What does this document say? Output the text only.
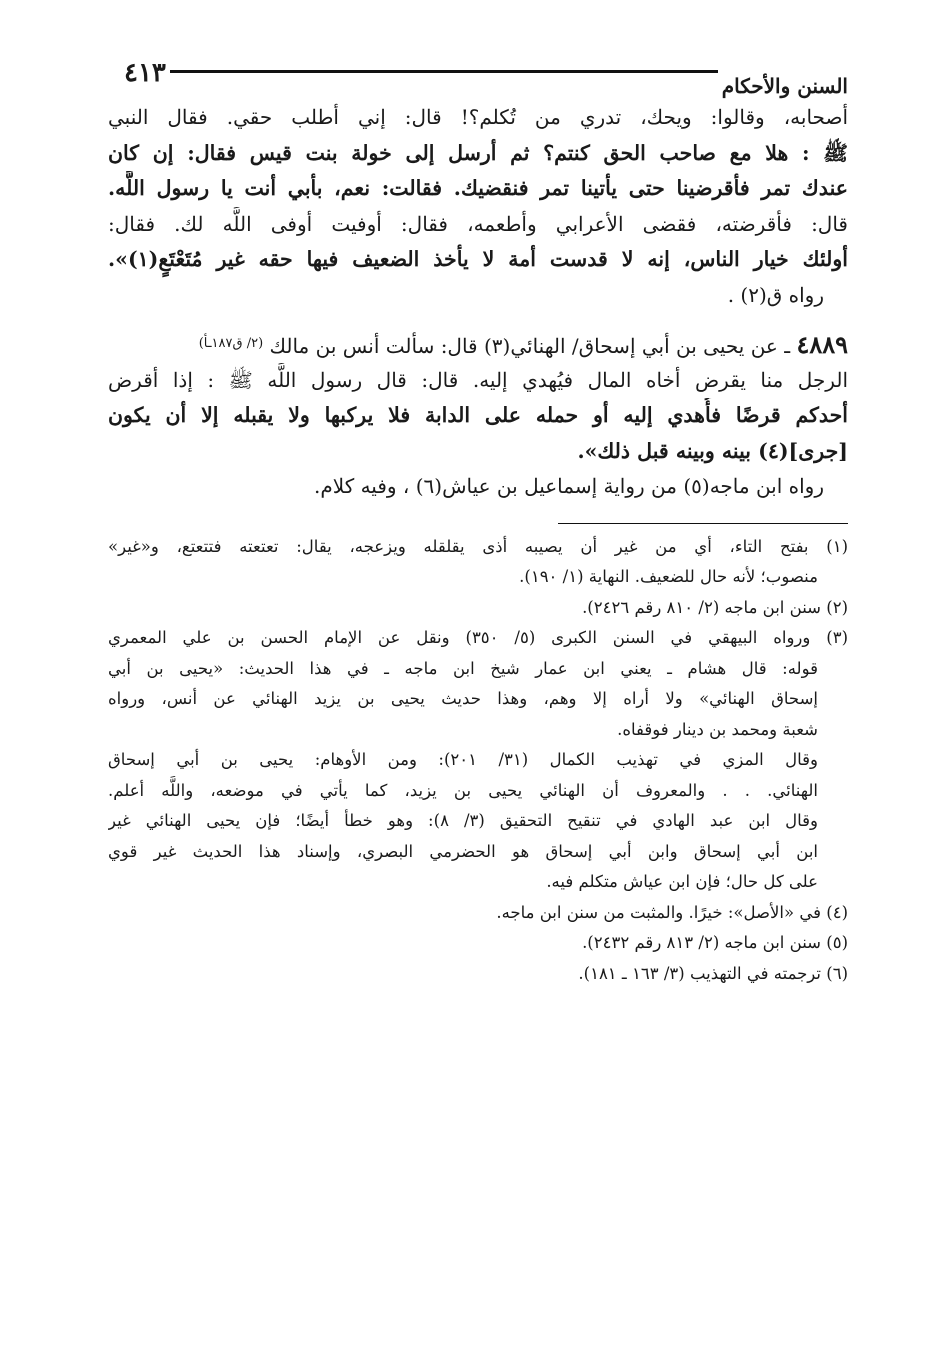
٤١٣	السنن والأحكام
أصحابه، وقالوا: ويحك، تدري من تُكلم؟! قال: إني أطلب حقي. فقال النبي
ﷺ : هلا مع صاحب الحق كنتم؟ ثم أرسل إلى خولة بنت قيس فقال: إن كان
عندك تمر فأقرضينا حتى يأتينا تمر فنقضيك. فقالت: نعم، بأبي أنت يا رسول اللَّه.
قال: فأقرضته، فقضى الأعرابي وأطعمه، فقال: أوفيت أوفى اللَّه لك. فقال:
أولئك خيار الناس، إنه لا قدست أمة لا يأخذ الضعيف فيها حقه غير مُتَعْتَعٍ(١)».
رواه ق(٢) .
٤٨٨٩ ـ عن يحيى بن أبي إسحاق/ الهنائي(٣) قال: سألت أنس بن مالك $^{(٢/ ق١٨٧ـأ)}$
الرجل منا يقرض أخاه المال فيُهدي إليه. قال: قال رسول اللَّه ﷺ : إذا أقرض
أحدكم قرضًا فأُهدي إليه أو حمله على الدابة فلا يركبها ولا يقبله إلا أن يكون
[جرى](٤) بينه وبينه قبل ذلك».
رواه ابن ماجه(٥) من رواية إسماعيل بن عياش(٦) ، وفيه كلام.
(١) بفتح التاء، أي من غير أن يصيبه أذى يقلقله ويزعجه، يقال: تعتعته فتتعتع، و«غير»
منصوب؛ لأنه حال للضعيف. النهاية (١/ ١٩٠).
(٢) سنن ابن ماجه (٢/ ٨١٠ رقم ٢٤٢٦).
(٣) ورواه البيهقي في السنن الكبرى (٥/ ٣٥٠) ونقل عن الإمام الحسن بن علي المعمري
قوله: قال هشام ـ يعني ابن عمار شيخ ابن ماجه ـ في هذا الحديث: «يحيى بن أبي
إسحاق الهنائي» ولا أراه إلا وهم، وهذا حديث يحيى بن يزيد الهنائي عن أنس، ورواه
شعبة ومحمد بن دينار فوقفاه.
وقال المزي في تهذيب الكمال (٣١/ ٢٠١): ومن الأوهام: يحيى بن أبي إسحاق
الهنائي. . . والمعروف أن الهنائي يحيى بن يزيد، كما يأتي في موضعه، واللَّه أعلم.
وقال ابن عبد الهادي في تنقيح التحقيق (٣/ ٨): وهو خطأ أيضًا؛ فإن يحيى الهنائي غير
ابن أبي إسحاق وابن أبي إسحاق هو الحضرمي البصري، وإسناد هذا الحديث غير قوي
على كل حال؛ فإن ابن عياش متكلم فيه.
(٤) في «الأصل»: خيرًا. والمثبت من سنن ابن ماجه.
(٥) سنن ابن ماجه (٢/ ٨١٣ رقم ٢٤٣٢).
(٦) ترجمته في التهذيب (٣/ ١٦٣ ـ ١٨١).
